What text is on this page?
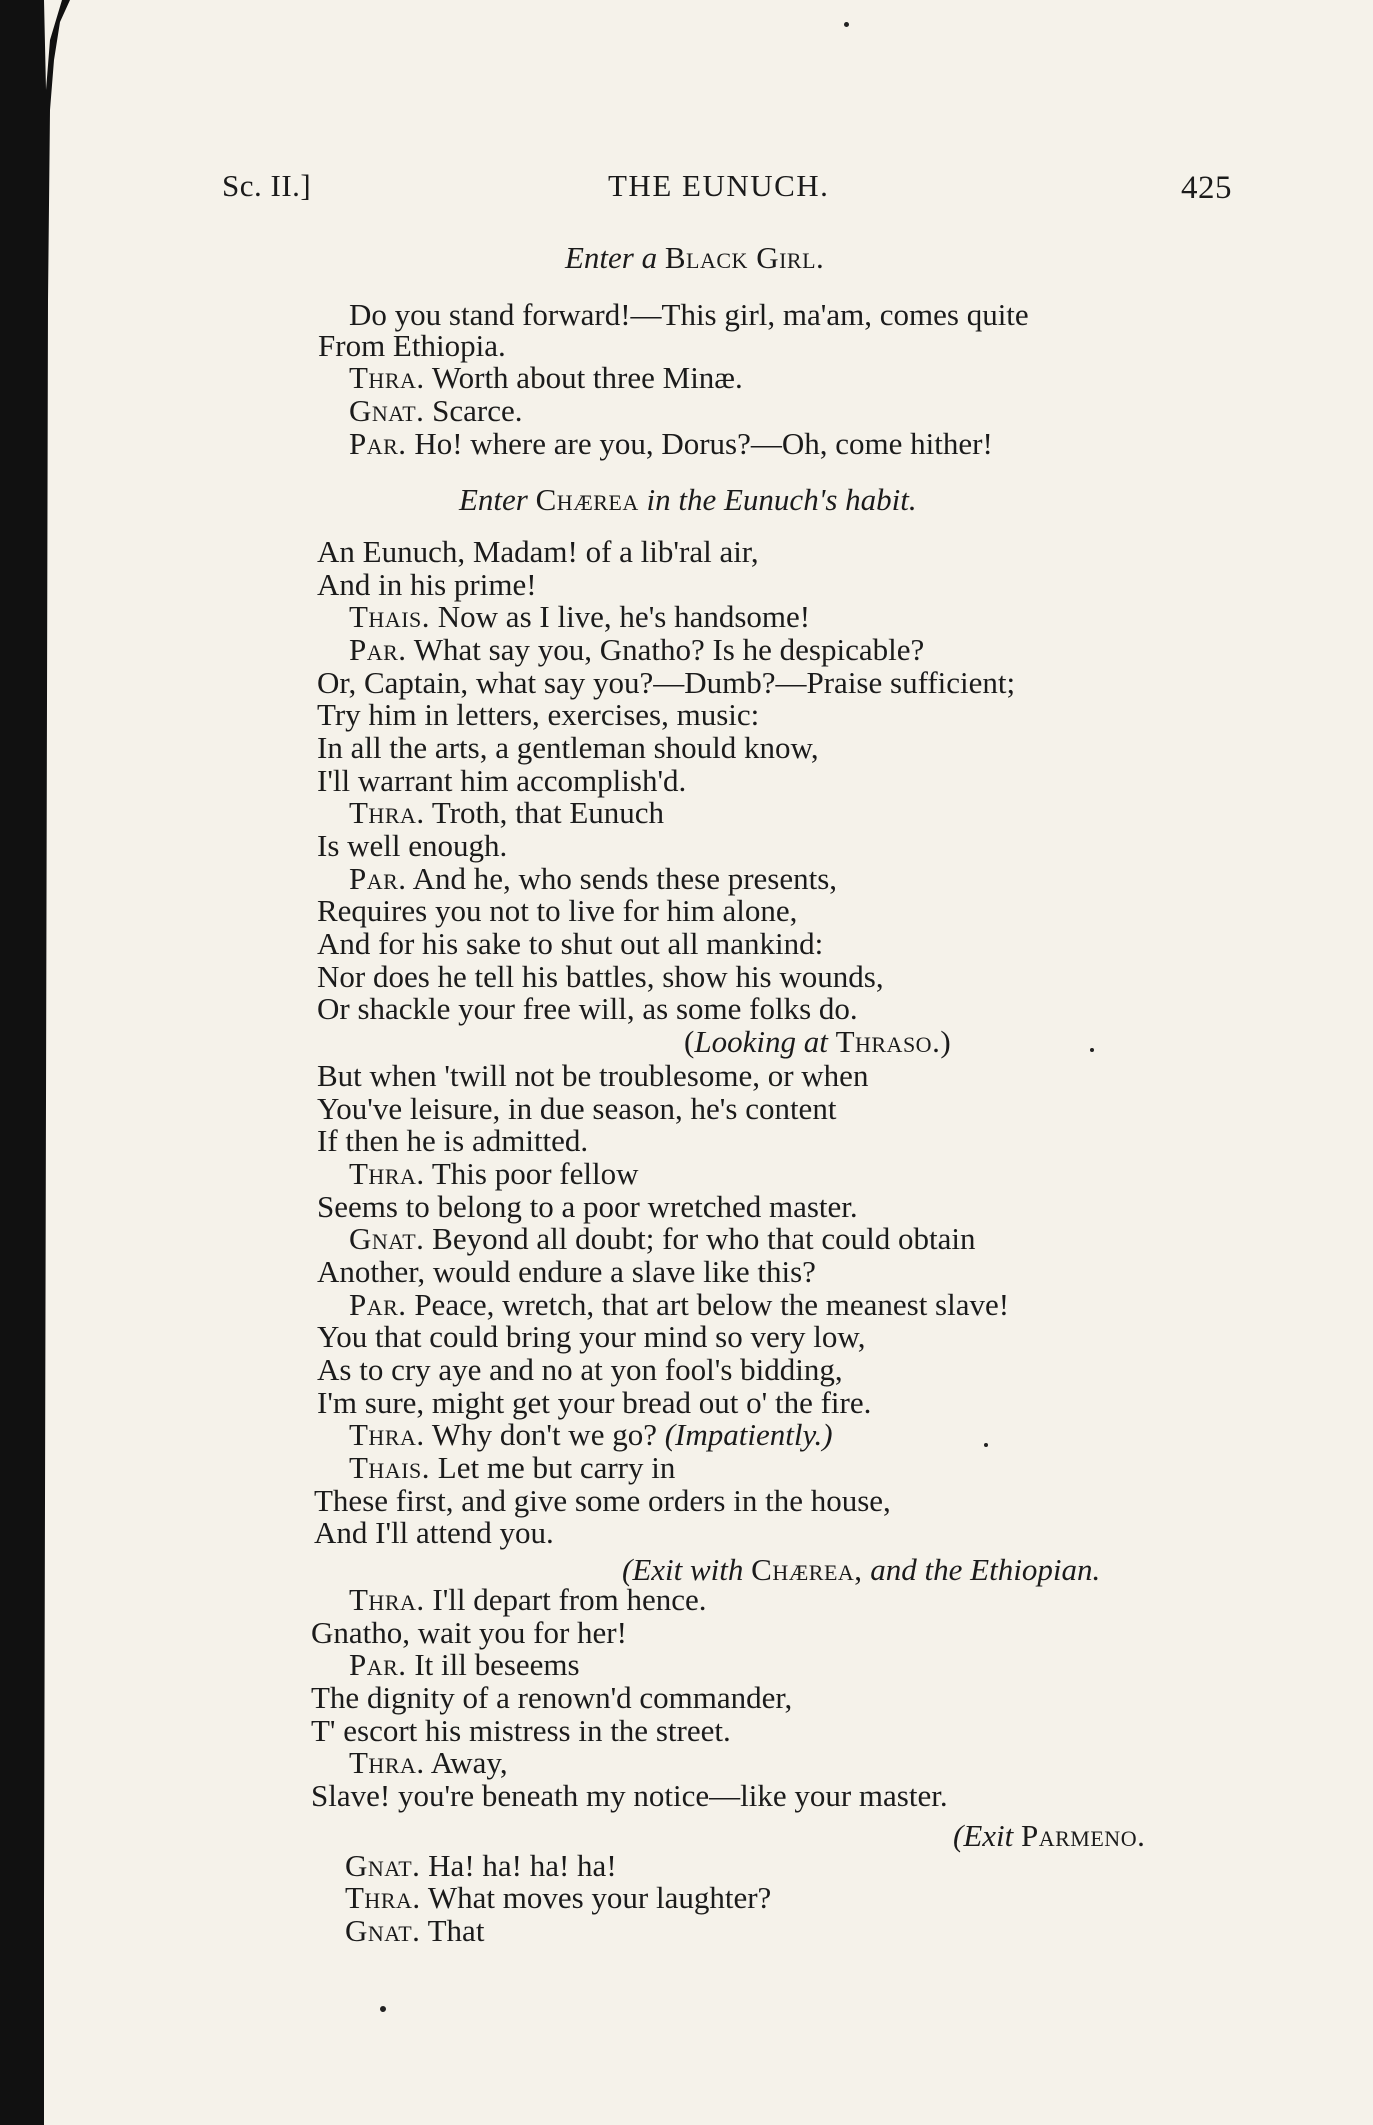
Sc. II.]	THE EUNUCH.	425
Enter a Black Girl.
Do you stand forward!—This girl, ma'am, comes quite
From Ethiopia.
Thra. Worth about three Minæ.
Gnat. Scarce.
Par. Ho! where are you, Dorus?—Oh, come hither!
Enter Chærea in the Eunuch's habit.
An Eunuch, Madam! of a lib'ral air,
And in his prime!
Thais. Now as I live, he's handsome!
Par. What say you, Gnatho? Is he despicable?
Or, Captain, what say you?—Dumb?—Praise sufficient;
Try him in letters, exercises, music:
In all the arts, a gentleman should know,
I'll warrant him accomplish'd.
Thra. Troth, that Eunuch
Is well enough.
Par. And he, who sends these presents,
Requires you not to live for him alone,
And for his sake to shut out all mankind:
Nor does he tell his battles, show his wounds,
Or shackle your free will, as some folks do.
(Looking at Thraso.)
But when 'twill not be troublesome, or when
You've leisure, in due season, he's content
If then he is admitted.
Thra. This poor fellow
Seems to belong to a poor wretched master.
Gnat. Beyond all doubt; for who that could obtain
Another, would endure a slave like this?
Par. Peace, wretch, that art below the meanest slave!
You that could bring your mind so very low,
As to cry aye and no at yon fool's bidding,
I'm sure, might get your bread out o' the fire.
Thra. Why don't we go? (Impatiently.)
Thais. Let me but carry in
These first, and give some orders in the house,
And I'll attend you.
(Exit with Chærea, and the Ethiopian.
Thra. I'll depart from hence.
Gnatho, wait you for her!
Par. It ill beseems
The dignity of a renown'd commander,
T' escort his mistress in the street.
Thra. Away,
Slave! you're beneath my notice—like your master.
(Exit Parmeno.
Gnat. Ha! ha! ha! ha!
Thra. What moves your laughter?
Gnat. That
